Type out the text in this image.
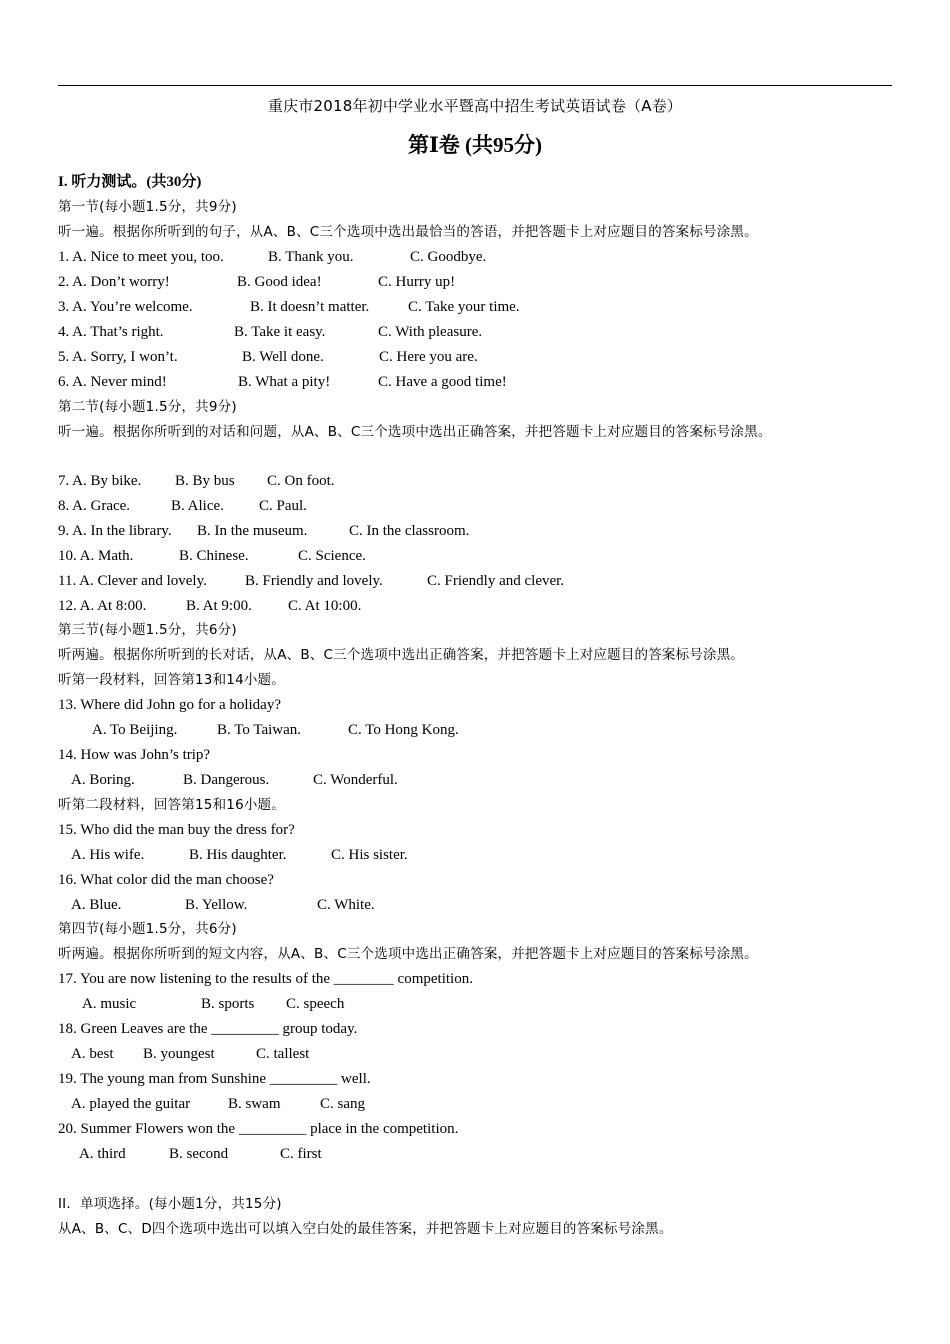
重庆市2018年初中学业水平暨高中招生考试英语试卷（A卷）
第Ⅰ卷 (共95分)
I. 听力测试。(共30分)
第一节(每小题1.5分，共9分)
听一遍。根据你所听到的句子，从A、B、C三个选项中选出最恰当的答语，并把答题卡上对应题目的答案标号涂黑。

1. A. Nice to meet you, too.

	B. Thank you.

	C. Goodbye.

2. A. Don’t worry!

	B. Good idea!

	C. Hurry up!

3. A. You’re welcome.

	B. It doesn’t matter.

	C. Take your time.

4. A. That’s right.

	B. Take it easy.

	C. With pleasure.

5. A. Sorry, I won’t.

	B. Well done.

	C. Here you are.

6. A. Never mind!

	B. What a pity!

	C. Have a good time!

第二节(每小题1.5分，共9分)
听一遍。根据你所听到的对话和问题，从A、B、C三个选项中选出正确答案，并把答题卡上对应题目的答案标号涂黑。

7. A. By bike.

B. By bus

C. On foot.

8. A. Grace.

	B. Alice.

C. Paul.

9. A. In the library.

B. In the museum.

	C. In the classroom.

10. A. Math.

	B. Chinese.

	C. Science.

11. A. Clever and lovely.

	B. Friendly and lovely.

	C. Friendly and clever.

12. A. At 8:00.

	B. At 9:00.

C. At 10:00.

第三节(每小题1.5分，共6分)
听两遍。根据你所听到的长对话，从A、B、C三个选项中选出正确答案，并把答题卡上对应题目的答案标号涂黑。
听第一段材料，回答第13和14小题。
13. Where did John go for a holiday?

A. To Beijing.

	B. To Taiwan.

	C. To Hong Kong.

14. How was John’s trip?

A. Boring.

	B. Dangerous.

	C. Wonderful.

听第二段材料，回答第15和16小题。
15. Who did the man buy the dress for?

A. His wife.

	B. His daughter.

	C. His sister.

16. What color did the man choose?

A. Blue.

	B. Yellow.

	C. White.

第四节(每小题1.5分，共6分)
听两遍。根据你所听到的短文内容，从A、B、C三个选项中选出正确答案，并把答题卡上对应题目的答案标号涂黑。
17. You are now listening to the results of the ________ competition.

A. music

	B. sports

C. speech

18. Green Leaves are the _________ group today.

A. best

B. youngest

	C. tallest

19. The young man from Sunshine _________ well.

A. played the guitar

	B. swam

	C. sang

20. Summer Flowers won the _________ place in the competition.

A. third

	B. second

	C. first

II．单项选择。(每小题1分，共15分)
从A、B、C、D四个选项中选出可以填入空白处的最佳答案，并把答题卡上对应题目的答案标号涂黑。
